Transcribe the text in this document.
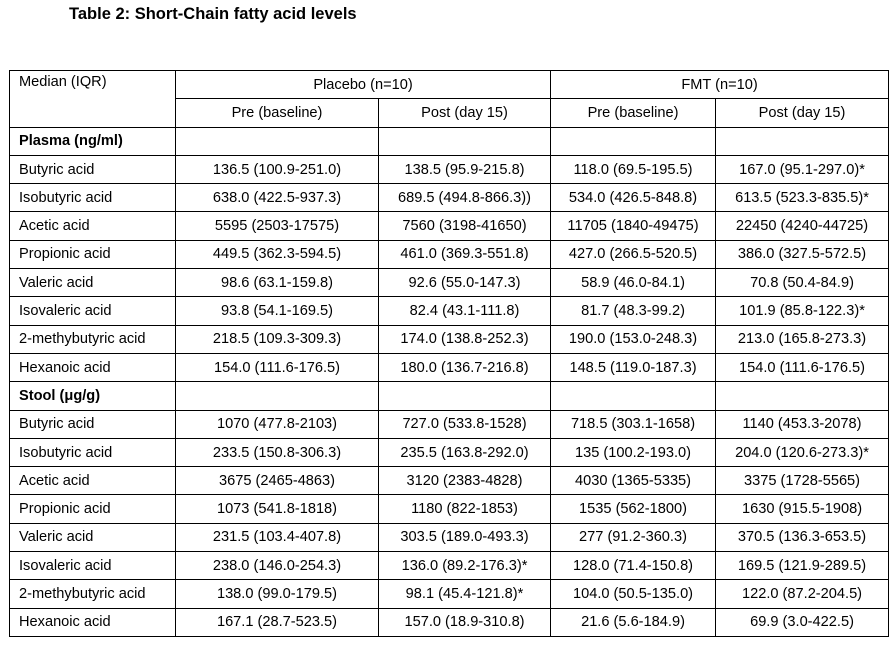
Table 2: Short-Chain fatty acid levels
Median (IQR)	Placebo (n=10)		FMT (n=10)	
	Pre (baseline)	Post (day 15)	Pre (baseline)	Post (day 15)
Plasma (ng/ml)				
Butyric acid	136.5 (100.9-251.0)	138.5 (95.9-215.8)	118.0 (69.5-195.5)	167.0 (95.1-297.0)*
Isobutyric acid	638.0 (422.5-937.3)	689.5 (494.8-866.3))	534.0 (426.5-848.8)	613.5 (523.3-835.5)*
Acetic acid	5595 (2503-17575)	7560 (3198-41650)	11705 (1840-49475)	22450 (4240-44725)
Propionic acid	449.5 (362.3-594.5)	461.0 (369.3-551.8)	427.0 (266.5-520.5)	386.0 (327.5-572.5)
Valeric acid	98.6 (63.1-159.8)	92.6 (55.0-147.3)	58.9 (46.0-84.1)	70.8 (50.4-84.9)
Isovaleric acid	93.8 (54.1-169.5)	82.4 (43.1-111.8)	81.7 (48.3-99.2)	101.9 (85.8-122.3)*
2-methybutyric acid	218.5 (109.3-309.3)	174.0 (138.8-252.3)	190.0 (153.0-248.3)	213.0 (165.8-273.3)
Hexanoic acid	154.0 (111.6-176.5)	180.0 (136.7-216.8)	148.5 (119.0-187.3)	154.0 (111.6-176.5)
Stool (μg/g)				
Butyric acid	1070 (477.8-2103)	727.0 (533.8-1528)	718.5 (303.1-1658)	1140 (453.3-2078)
Isobutyric acid	233.5 (150.8-306.3)	235.5 (163.8-292.0)	135 (100.2-193.0)	204.0 (120.6-273.3)*
Acetic acid	3675 (2465-4863)	3120 (2383-4828)	4030 (1365-5335)	3375 (1728-5565)
Propionic acid	1073 (541.8-1818)	1180 (822-1853)	1535 (562-1800)	1630 (915.5-1908)
Valeric acid	231.5 (103.4-407.8)	303.5 (189.0-493.3)	277 (91.2-360.3)	370.5 (136.3-653.5)
Isovaleric acid	238.0 (146.0-254.3)	136.0 (89.2-176.3)*	128.0 (71.4-150.8)	169.5 (121.9-289.5)
2-methybutyric acid	138.0 (99.0-179.5)	98.1 (45.4-121.8)*	104.0 (50.5-135.0)	122.0 (87.2-204.5)
Hexanoic acid	167.1 (28.7-523.5)	157.0 (18.9-310.8)	21.6 (5.6-184.9)	69.9 (3.0-422.5)
